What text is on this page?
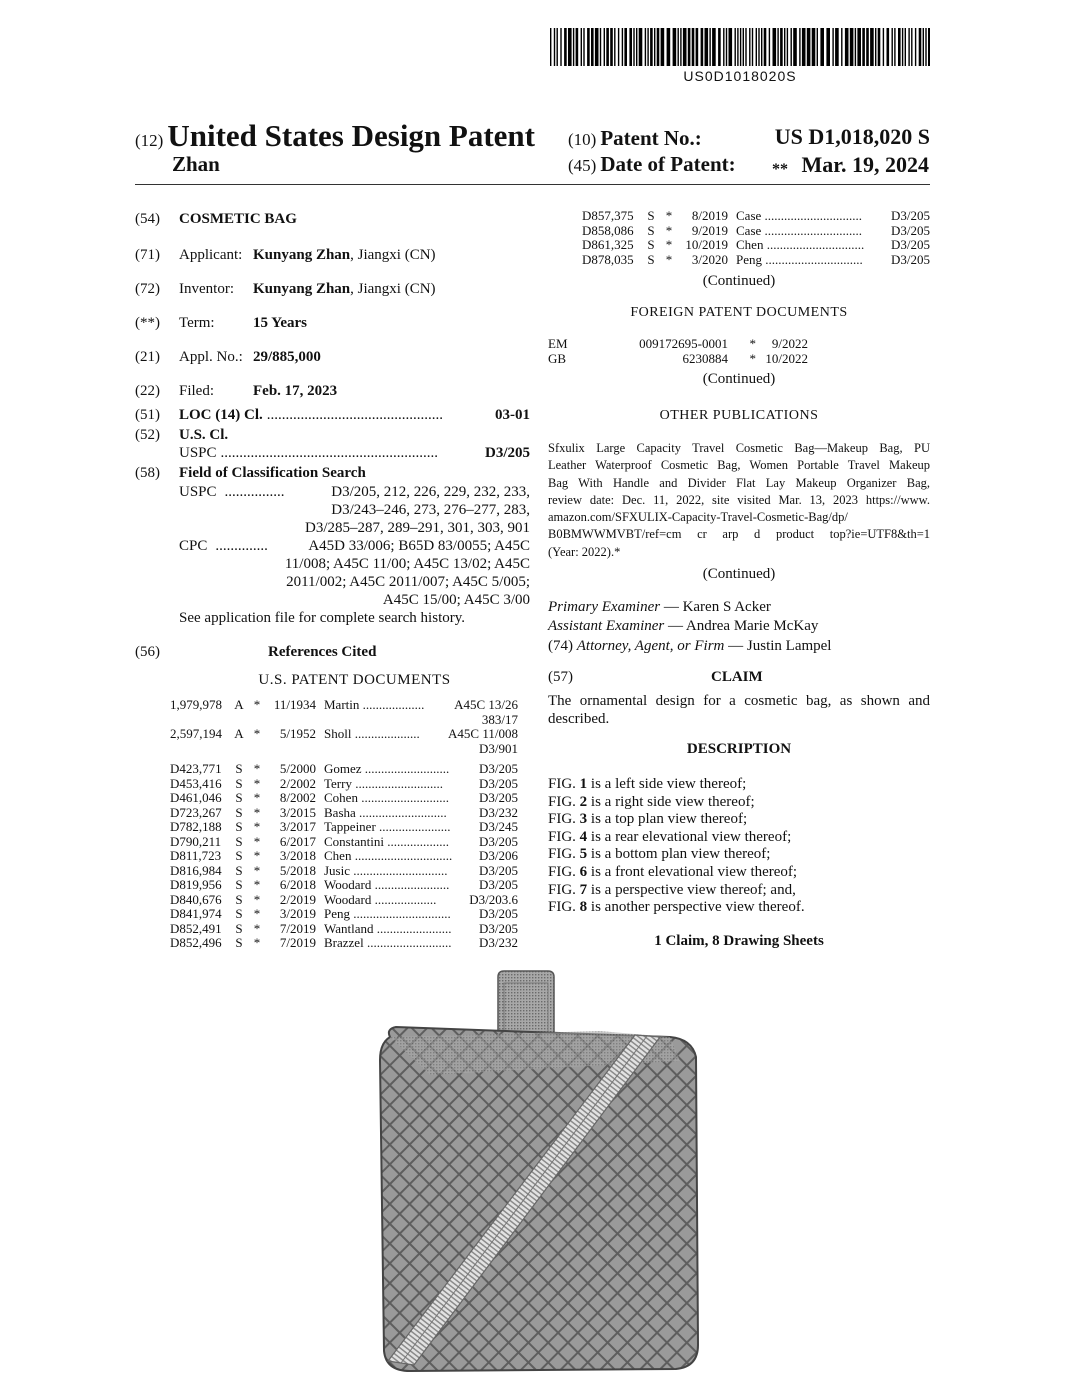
US0D1018020S
(12) United States Design Patent
Zhan
(10) Patent No.:	US D1,018,020 S
(45) Date of Patent: ** Mar. 19, 2024
(54)	COSMETIC BAG
(71)	Applicant: Kunyang Zhan , Jiangxi (CN)
(72)	Inventor:	Kunyang Zhan , Jiangxi (CN)
(**)	Term:	15 Years
(21)	Appl. No.: 29/885,000
(22)	Filed:	Feb. 17, 2023
(51)	LOC (14) Cl. ...............................................	03-01
(52)	U.S. Cl.
USPC ..........................................................	D3/205
(58)	Field of Classification Search
USPC ................	D3/205, 212, 226, 229, 232, 233,
D3/243–246, 273, 276–277, 283,
D3/285–287, 289–291, 301, 303, 901
CPC ..............	A45D 33/006; B65D 83/0055; A45C
11/008; A45C 11/00; A45C 13/02; A45C
2011/002; A45C 2011/007; A45C 5/005;
A45C 15/00; A45C 3/00
See application file for complete search history.
(56)	References Cited
U.S. PATENT DOCUMENTS
1,979,978	A	*	11/1934	Martin ...................	A45C 13/26
383/17					
2,597,194	A	*	5/1952	Sholl ....................	A45C 11/008
D3/901					
D423,771	S	*	5/2000	Gomez ..........................	D3/205
D453,416	S	*	2/2002	Terry ...........................	D3/205
D461,046	S	*	8/2002	Cohen ...........................	D3/205
D723,267	S	*	3/2015	Basha ...........................	D3/232
D782,188	S	*	3/2017	Tappeiner ......................	D3/245
D790,211	S	*	6/2017	Constantini ...................	D3/205
D811,723	S	*	3/2018	Chen ..............................	D3/206
D816,984	S	*	5/2018	Jusic .............................	D3/205
D819,956	S	*	6/2018	Woodard .......................	D3/205
D840,676	S	*	2/2019	Woodard ...................	D3/203.6
D841,974	S	*	3/2019	Peng ..............................	D3/205
D852,491	S	*	7/2019	Wantland .......................	D3/205
D852,496	S	*	7/2019	Brazzel ..........................	D3/232
D857,375	S	*	8/2019	Case ..............................	D3/205
D858,086	S	*	9/2019	Case ..............................	D3/205
D861,325	S	*	10/2019	Chen ..............................	D3/205
D878,035	S	*	3/2020	Peng ..............................	D3/205
(Continued)
FOREIGN PATENT DOCUMENTS
EM	009172695-0001	*	9/2022
GB	6230884	* 10/2022
(Continued)
OTHER PUBLICATIONS
Sfxulix Large Capacity Travel Cosmetic Bag—Makeup Bag, PU
Leather Waterproof Cosmetic Bag, Women Portable Travel Makeup
Bag With Handle and Divider Flat Lay Makeup Organizer Bag,
review date: Dec. 11, 2022, site visited Mar. 13, 2023 https://www.
amazon.com/SFXULIX-Capacity-Travel-Cosmetic-Bag/dp/
B0BMWWMVBT/ref=cm cr arp d product top?ie=UTF8&th=1
(Year: 2022).*
(Continued)
Primary Examiner — Karen S Acker
Assistant Examiner — Andrea Marie McKay
(74) Attorney, Agent, or Firm — Justin Lampel
(57)	CLAIM
The ornamental design for a cosmetic bag, as shown and
described.
DESCRIPTION
FIG. 1 is a left side view thereof;
FIG. 2 is a right side view thereof;
FIG. 3 is a top plan view thereof;
FIG. 4 is a rear elevational view thereof;
FIG. 5 is a bottom plan view thereof;
FIG. 6 is a front elevational view thereof;
FIG. 7 is a perspective view thereof; and,
FIG. 8 is another perspective view thereof.
1 Claim, 8 Drawing Sheets
